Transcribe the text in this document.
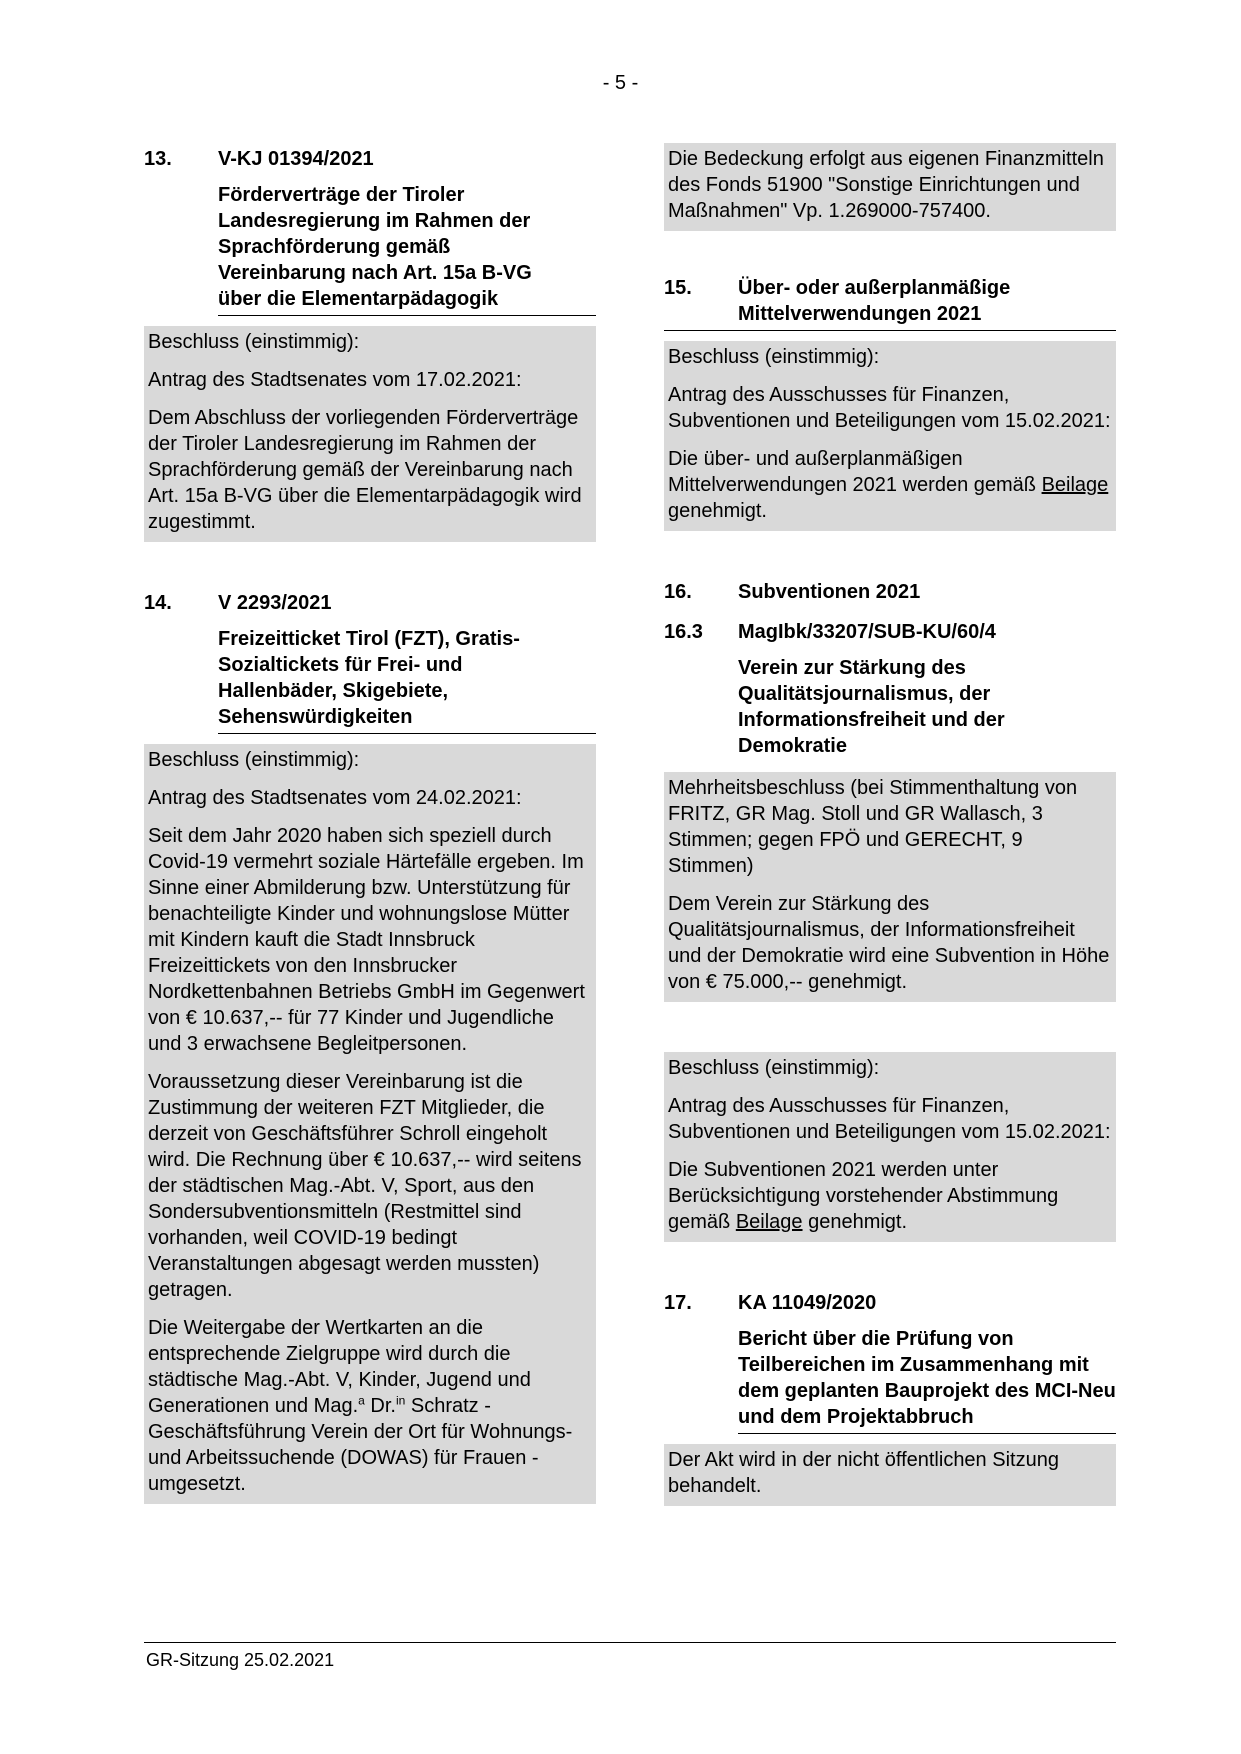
- 5 -
13.	V-KJ 01394/2021
Förderverträge der Tiroler Landesregierung im Rahmen der Sprachförderung gemäß Vereinbarung nach Art. 15a B-VG über die Elementarpädagogik

Beschluss (einstimmig):

Antrag des Stadtsenates vom 17.02.2021:

Dem Abschluss der vorliegenden Förderverträge der Tiroler Landesregierung im Rahmen der Sprachförderung gemäß der Vereinbarung nach Art. 15a B-VG über die Elementarpädagogik wird zugestimmt.

14.	V 2293/2021
Freizeitticket Tirol (FZT), Gratis-Sozialtickets für Frei- und Hallenbäder, Skigebiete, Sehenswürdigkeiten

Beschluss (einstimmig):

Antrag des Stadtsenates vom 24.02.2021:

Seit dem Jahr 2020 haben sich speziell durch Covid-19 vermehrt soziale Härtefälle ergeben. Im Sinne einer Abmilderung bzw. Unterstützung für benachteiligte Kinder und wohnungslose Mütter mit Kindern kauft die Stadt Innsbruck Freizeittickets von den Innsbrucker Nordkettenbahnen Betriebs GmbH im Gegenwert von € 10.637,-- für 77 Kinder und Jugendliche und 3 erwachsene Begleitpersonen.

Voraussetzung dieser Vereinbarung ist die Zustimmung der weiteren FZT Mitglieder, die derzeit von Geschäftsführer Schroll eingeholt wird. Die Rechnung über € 10.637,-- wird seitens der städtischen Mag.-Abt. V, Sport, aus den Sondersubventionsmitteln (Restmittel sind vorhanden, weil COVID-19 bedingt Veranstaltungen abgesagt werden mussten) getragen.

Die Weitergabe der Wertkarten an die entsprechende Zielgruppe wird durch die städtische Mag.-Abt. V, Kinder, Jugend und Generationen und Mag.$^a$ Dr.$^{in}$ Schratz - Geschäftsführung Verein der Ort für Wohnungs- und Arbeitssuchende (DOWAS) für Frauen - umgesetzt.

Die Bedeckung erfolgt aus eigenen Finanzmitteln des Fonds 51900 "Sonstige Einrichtungen und Maßnahmen" Vp. 1.269000-757400.

15.	Über- oder außerplanmäßige Mittelverwendungen 2021

Beschluss (einstimmig):

Antrag des Ausschusses für Finanzen, Subventionen und Beteiligungen vom 15.02.2021:

Die über- und außerplanmäßigen Mittelverwendungen 2021 werden gemäß Beilage genehmigt.

16.	Subventionen 2021
16.3	MagIbk/33207/SUB-KU/60/4
Verein zur Stärkung des Qualitätsjournalismus, der Informationsfreiheit und der Demokratie

Mehrheitsbeschluss (bei Stimmenthaltung von FRITZ, GR Mag. Stoll und GR Wallasch, 3 Stimmen; gegen FPÖ und GERECHT, 9 Stimmen)

Dem Verein zur Stärkung des Qualitätsjournalismus, der Informationsfreiheit und der Demokratie wird eine Subvention in Höhe von € 75.000,-- genehmigt.

Beschluss (einstimmig):

Antrag des Ausschusses für Finanzen, Subventionen und Beteiligungen vom 15.02.2021:

Die Subventionen 2021 werden unter Berücksichtigung vorstehender Abstimmung gemäß Beilage genehmigt.

17.	KA 11049/2020
Bericht über die Prüfung von Teilbereichen im Zusammenhang mit dem geplanten Bauprojekt des MCI-Neu und dem Projektabbruch

Der Akt wird in der nicht öffentlichen Sitzung behandelt.

GR-Sitzung 25.02.2021
